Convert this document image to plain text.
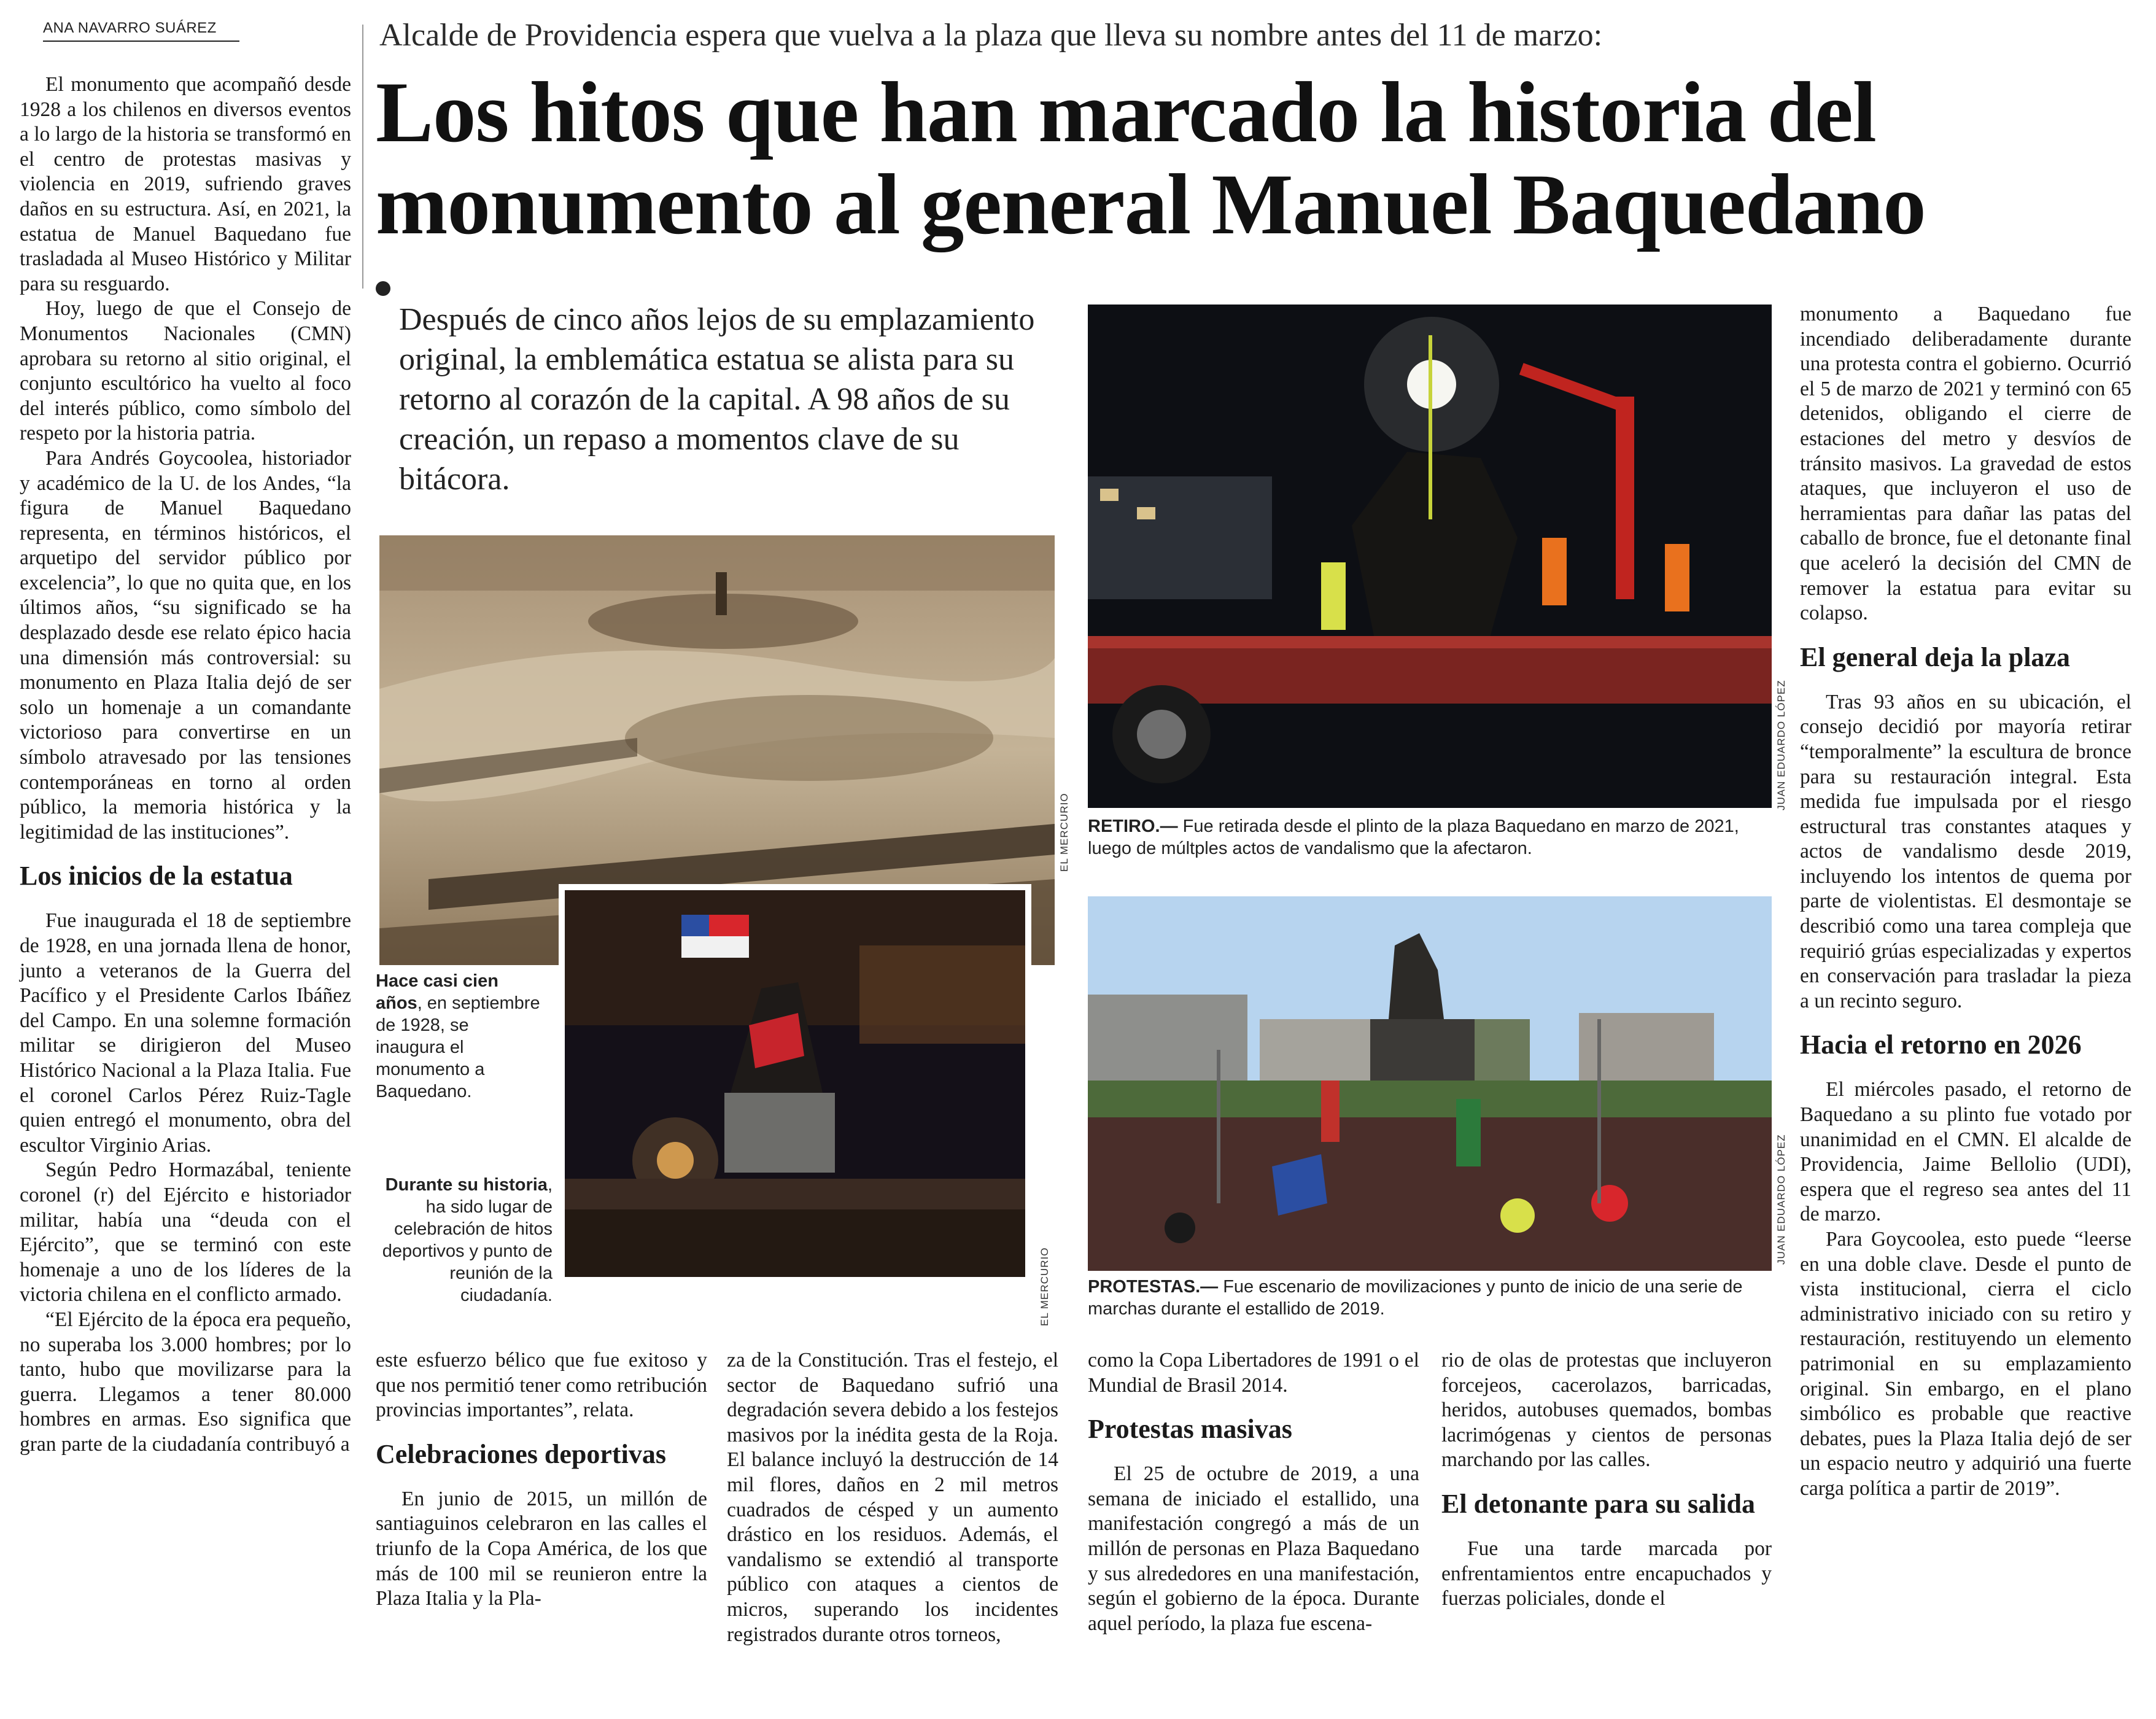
ANA NAVARRO SUÁREZ	Alcalde de Providencia espera que vuelva a la plaza que lleva su nombre antes del 11 de marzo:
Los hitos que han marcado la historia del monumento al general Manuel Baquedano
Después de cinco años lejos de su emplazamiento original, la emblemática estatua se alista para su retorno al corazón de la capital. A 98 años de su creación, un repaso a momentos clave de su bitácora.

El monumento que acompañó desde 1928 a los chilenos en diversos eventos a lo largo de la historia se transformó en el centro de protestas masivas y violencia en 2019, sufriendo graves daños en su estructura. Así, en 2021, la estatua de Manuel Baquedano fue trasladada al Museo Histórico y Militar para su resguardo.

Hoy, luego de que el Consejo de Monumentos Nacionales (CMN) aprobara su retorno al sitio original, el conjunto escultórico ha vuelto al foco del interés público, como símbolo del respeto por la historia patria.

Para Andrés Goycoolea, historiador y académico de la U. de los Andes, “la figura de Manuel Baquedano representa, en términos históricos, el arquetipo del servidor público por excelencia”, lo que no quita que, en los últimos años, “su significado se ha desplazado desde ese relato épico hacia una dimensión más controversial: su monumento en Plaza Italia dejó de ser solo un homenaje a un comandante victorioso para convertirse en un símbolo atravesado por las tensiones contemporáneas en torno al orden público, la memoria histórica y la legitimidad de las instituciones”.

Los inicios de la estatua

Fue inaugurada el 18 de septiembre de 1928, en una jornada llena de honor, junto a veteranos de la Guerra del Pacífico y el Presidente Carlos Ibáñez del Campo. En una solemne formación militar se dirigieron del Museo Histórico Nacional a la Plaza Italia. Fue el coronel Carlos Pérez Ruiz-Tagle quien entregó el monumento, obra del escultor Virginio Arias.

Según Pedro Hormazábal, teniente coronel (r) del Ejército e historiador militar, había una “deuda con el Ejército”, que se terminó con este homenaje a uno de los líderes de la victoria chilena en el conflicto armado.

“El Ejército de la época era pequeño, no superaba los 3.000 hombres; por lo tanto, hubo que movilizarse para la guerra. Llegamos a tener 80.000 hombres en armas. Eso significa que gran parte de la ciudadanía contribuyó a

EL MERCURIO
EL MERCURIO
Hace casi cien años, en septiembre de 1928, se inaugura el monumento a Baquedano.
Durante su historia, ha sido lugar de celebración de hitos deportivos y punto de reunión de la ciudadanía.

este esfuerzo bélico que fue exitoso y que nos permitió tener como retribución provincias importantes”, relata.

Celebraciones deportivas

En junio de 2015, un millón de santiaguinos celebraron en las calles el triunfo de la Copa América, de los que más de 100 mil se reunieron entre la Plaza Italia y la Pla-

za de la Constitución. Tras el festejo, el sector de Baquedano sufrió una degradación severa debido a los festejos masivos por la inédita gesta de la Roja. El balance incluyó la destrucción de 14 mil flores, daños en 2 mil metros cuadrados de césped y un aumento drástico en los residuos. Además, el vandalismo se extendió al transporte público con ataques a cientos de micros, superando los incidentes registrados durante otros torneos,

JUAN EDUARDO LÓPEZ
RETIRO.— Fue retirada desde el plinto de la plaza Baquedano en marzo de 2021, luego de múltples actos de vandalismo que la afectaron.
JUAN EDUARDO LÓPEZ
PROTESTAS.— Fue escenario de movilizaciones y punto de inicio de una serie de marchas durante el estallido de 2019.

como la Copa Libertadores de 1991 o el Mundial de Brasil 2014.

Protestas masivas

El 25 de octubre de 2019, a una semana de iniciado el estallido, una manifestación congregó a más de un millón de personas en Plaza Baquedano y sus alrededores en una manifestación, según el gobierno de la época. Durante aquel período, la plaza fue escena-

rio de olas de protestas que incluyeron forcejeos, cacerolazos, barricadas, heridos, autobuses quemados, bombas lacrimógenas y cientos de personas marchando por las calles.

El detonante para su salida

Fue una tarde marcada por enfrentamientos entre encapuchados y fuerzas policiales, donde el

monumento a Baquedano fue incendiado deliberadamente durante una protesta contra el gobierno. Ocurrió el 5 de marzo de 2021 y terminó con 65 detenidos, obligando el cierre de estaciones del metro y desvíos de tránsito masivos. La gravedad de estos ataques, que incluyeron el uso de herramientas para dañar las patas del caballo de bronce, fue el detonante final que aceleró la decisión del CMN de remover la estatua para evitar su colapso.

El general deja la plaza

Tras 93 años en su ubicación, el consejo decidió por mayoría retirar “temporalmente” la escultura de bronce para su restauración integral. Esta medida fue impulsada por el riesgo estructural tras constantes ataques y actos de vandalismo desde 2019, incluyendo los intentos de quema por parte de violentistas. El desmontaje se describió como una tarea compleja que requirió grúas especializadas y expertos en conservación para trasladar la pieza a un recinto seguro.

Hacia el retorno en 2026

El miércoles pasado, el retorno de Baquedano a su plinto fue votado por unanimidad en el CMN. El alcalde de Providencia, Jaime Bellolio (UDI), espera que el regreso sea antes del 11 de marzo.

Para Goycoolea, esto puede “leerse en una doble clave. Desde el punto de vista institucional, cierra el ciclo administrativo iniciado con su retiro y restauración, restituyendo un elemento patrimonial en su emplazamiento original. Sin embargo, en el plano simbólico es probable que reactive debates, pues la Plaza Italia dejó de ser un espacio neutro y adquirió una fuerte carga política a partir de 2019”.
